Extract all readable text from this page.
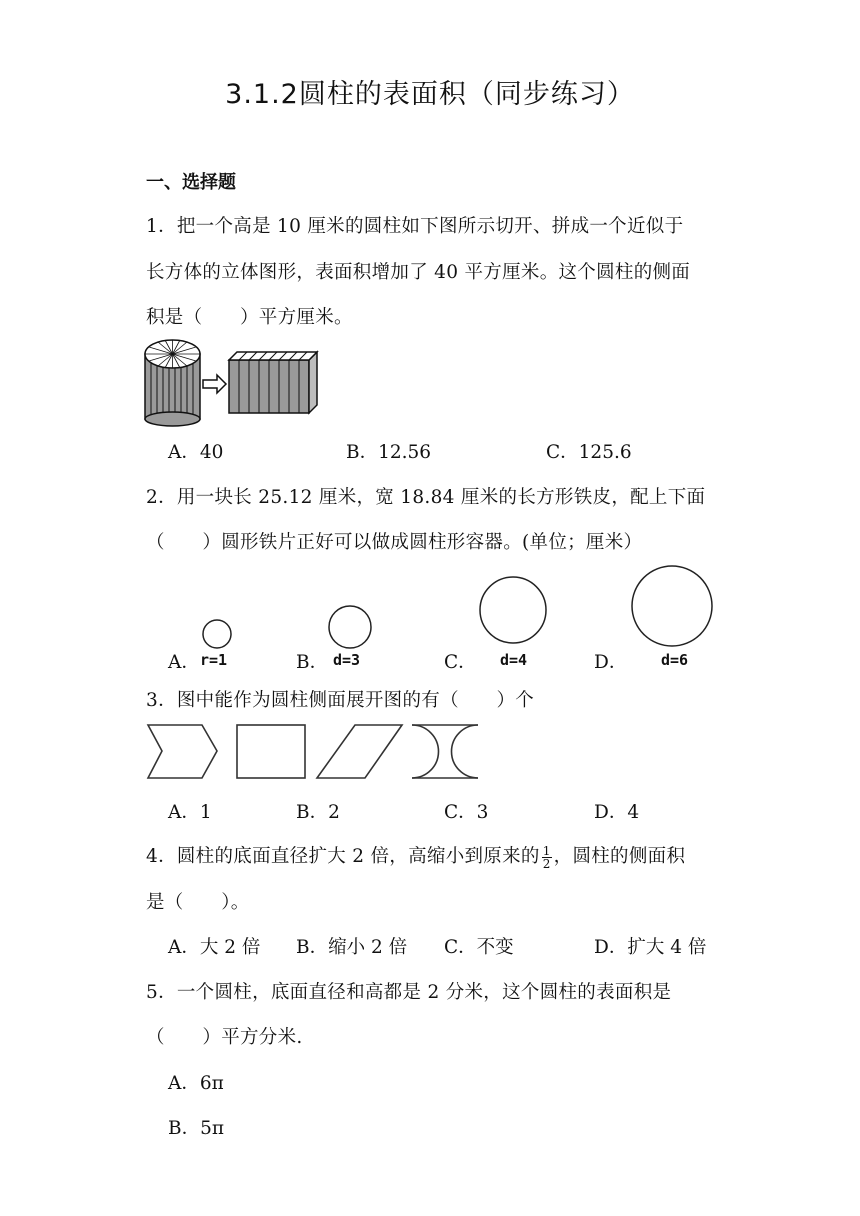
3.1.2圆柱的表面积（同步练习）
一、选择题
1．把一个高是 10 厘米的圆柱如下图所示切开、拼成一个近似于
长方体的立体图形，表面积增加了 40 平方厘米。这个圆柱的侧面
积是（　　）平方厘米。
A．40	B．12.56	C．125.6
2．用一块长 25.12 厘米，宽 18.84 厘米的长方形铁皮，配上下面
（　　）圆形铁片正好可以做成圆柱形容器。(单位；厘米）
A． r=1	B． d=3	C． d=4	D． d=6
3．图中能作为圆柱侧面展开图的有（　　）个
A．1	B．2	C．3	D．4
4．圆柱的底面直径扩大 2 倍，高缩小到原来的 $\frac{1}{2}$ ，圆柱的侧面积
是（　　）。
A．大 2 倍 B．缩小 2 倍 C．不变	D．扩大 4 倍
5．一个圆柱，底面直径和高都是 2 分米，这个圆柱的表面积是
（　　）平方分米.
A．6π
B．5π
